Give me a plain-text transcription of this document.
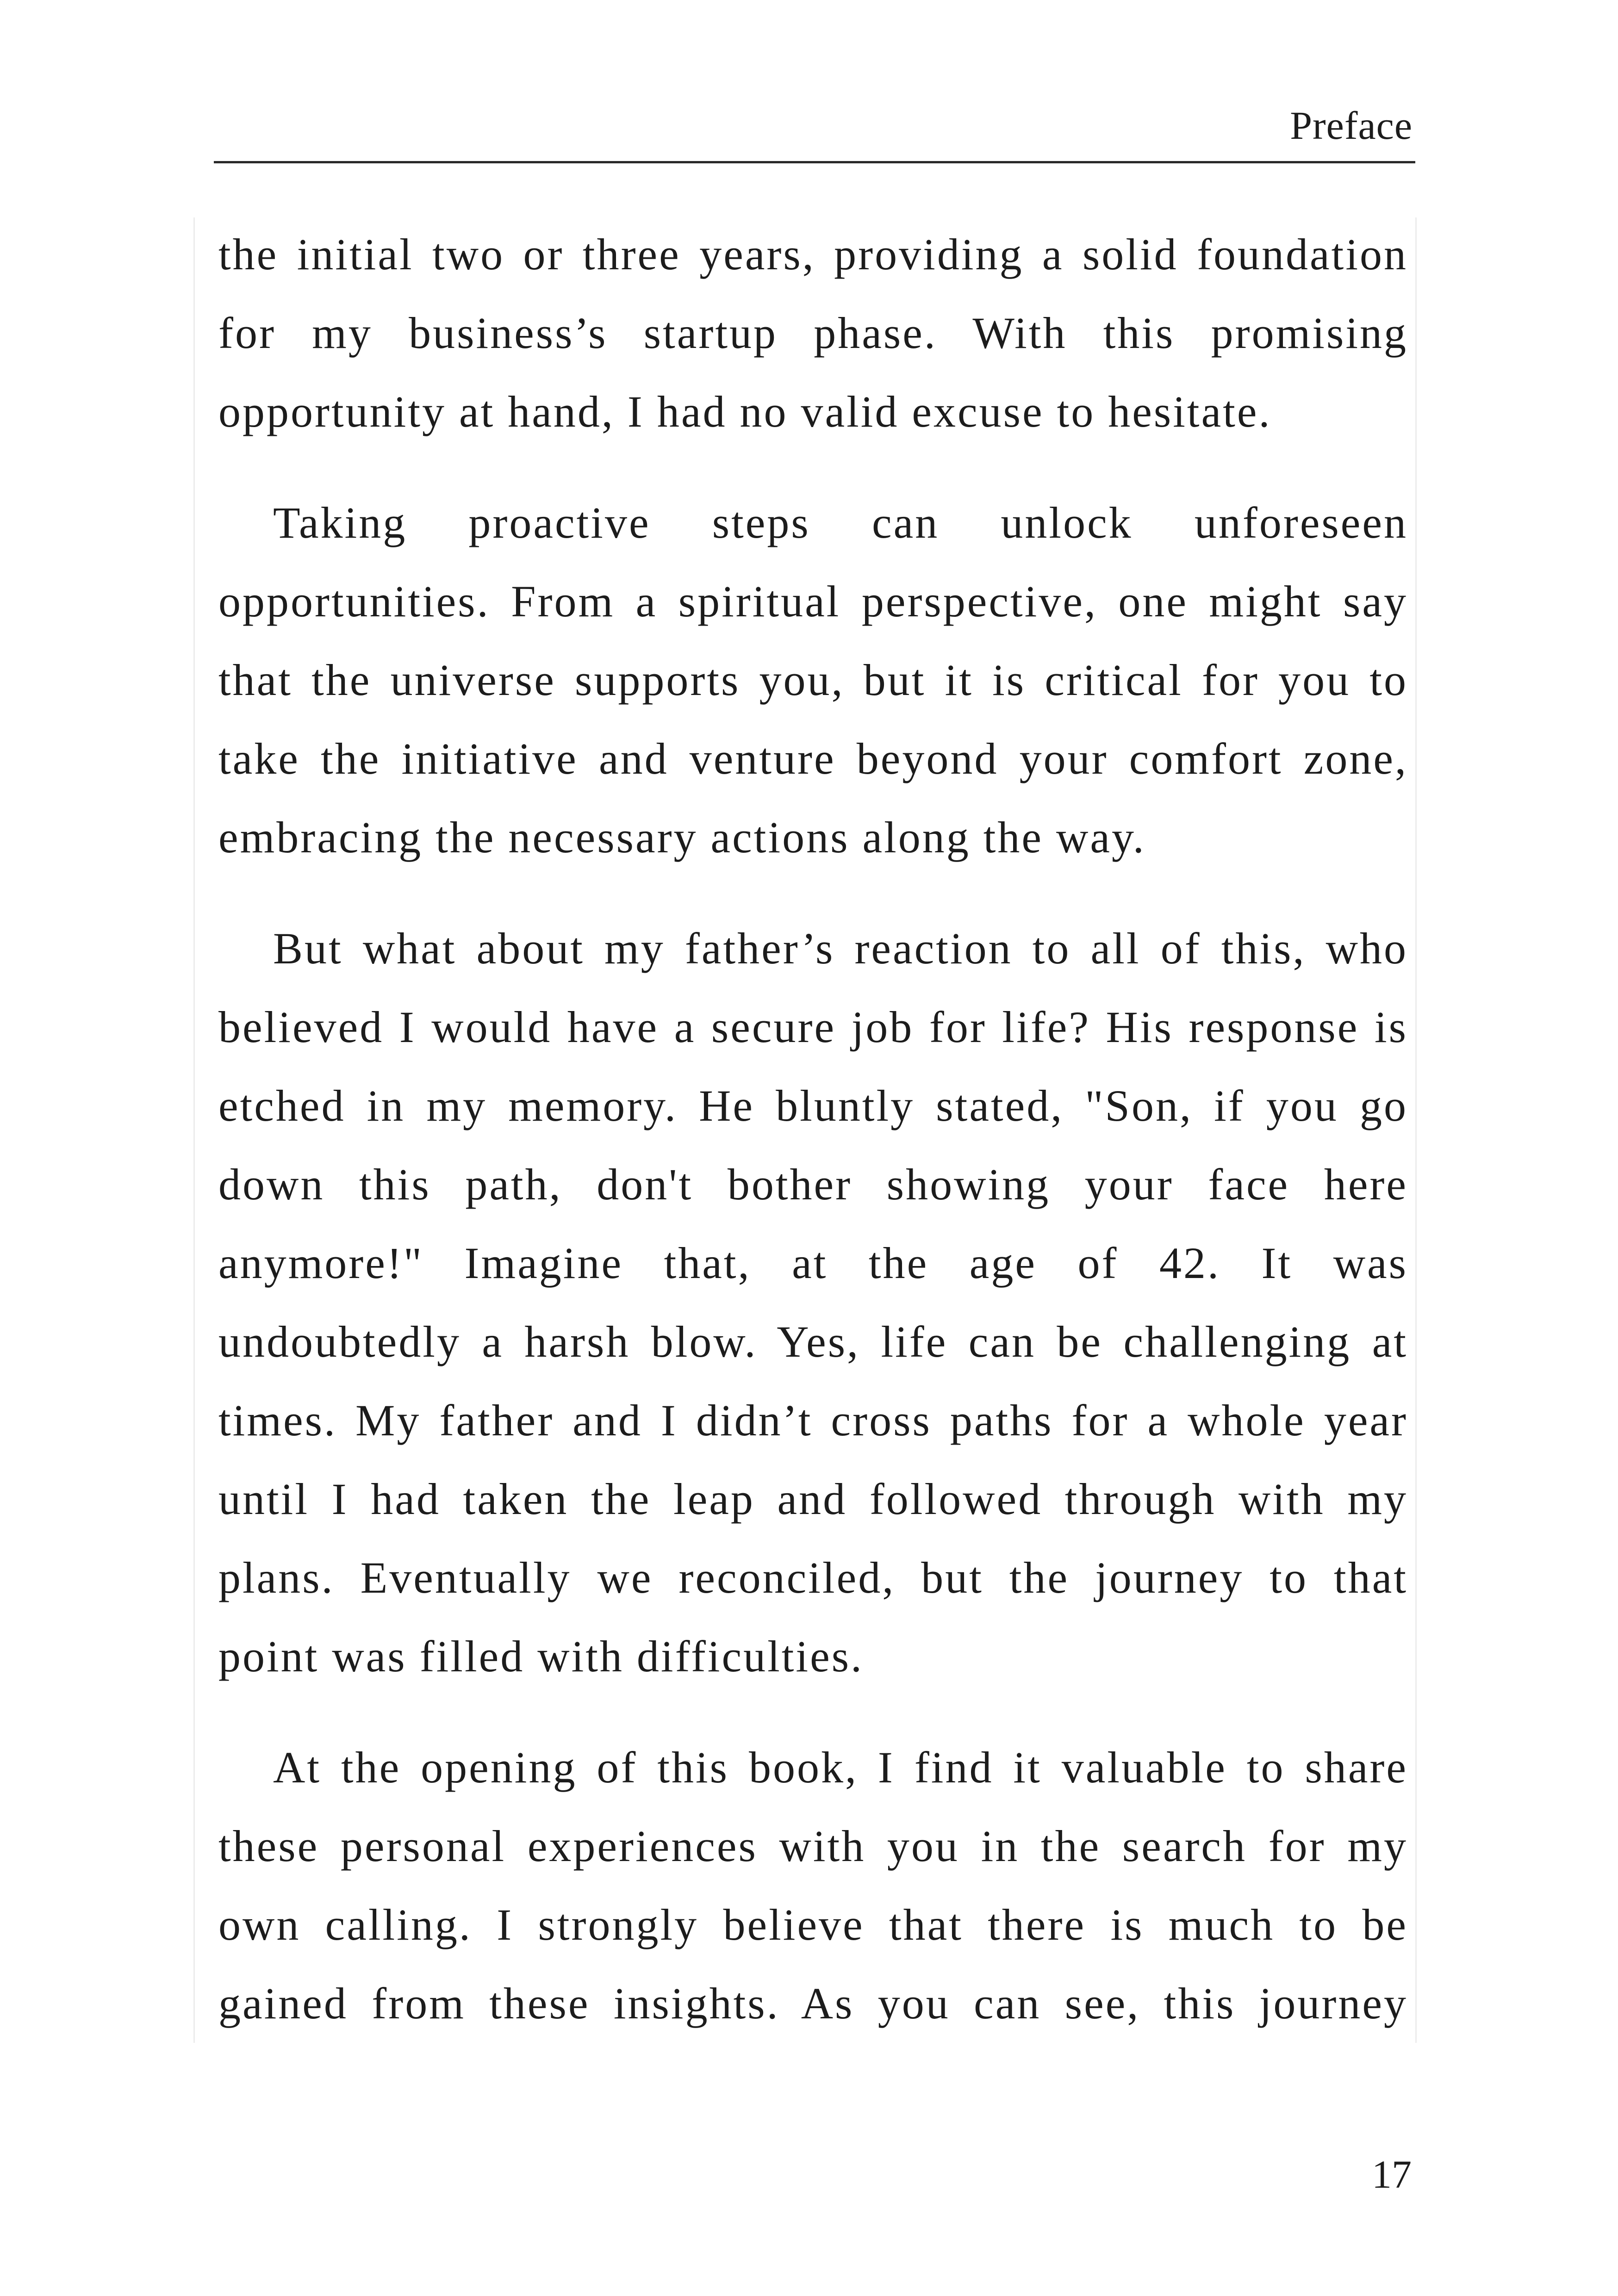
Preface

the initial two or three years, providing a solid foundation for my business’s startup phase. With this promising opportunity at hand, I had no valid excuse to hesitate.

Taking proactive steps can unlock unforeseen opportunities. From a spiritual perspective, one might say that the universe supports you, but it is critical for you to take the initiative and venture beyond your comfort zone, embracing the necessary actions along the way.

But what about my father’s reaction to all of this, who believed I would have a secure job for life? His response is etched in my memory. He bluntly stated, "Son, if you go down this path, don't bother showing your face here anymore!" Imagine that, at the age of 42. It was undoubtedly a harsh blow. Yes, life can be challenging at times. My father and I didn’t cross paths for a whole year until I had taken the leap and followed through with my plans. Eventually we reconciled, but the journey to that point was filled with difficulties.

At the opening of this book, I find it valuable to share these personal experiences with you in the search for my own calling. I strongly believe that there is much to be gained from these insights. As you can see, this journey

17
